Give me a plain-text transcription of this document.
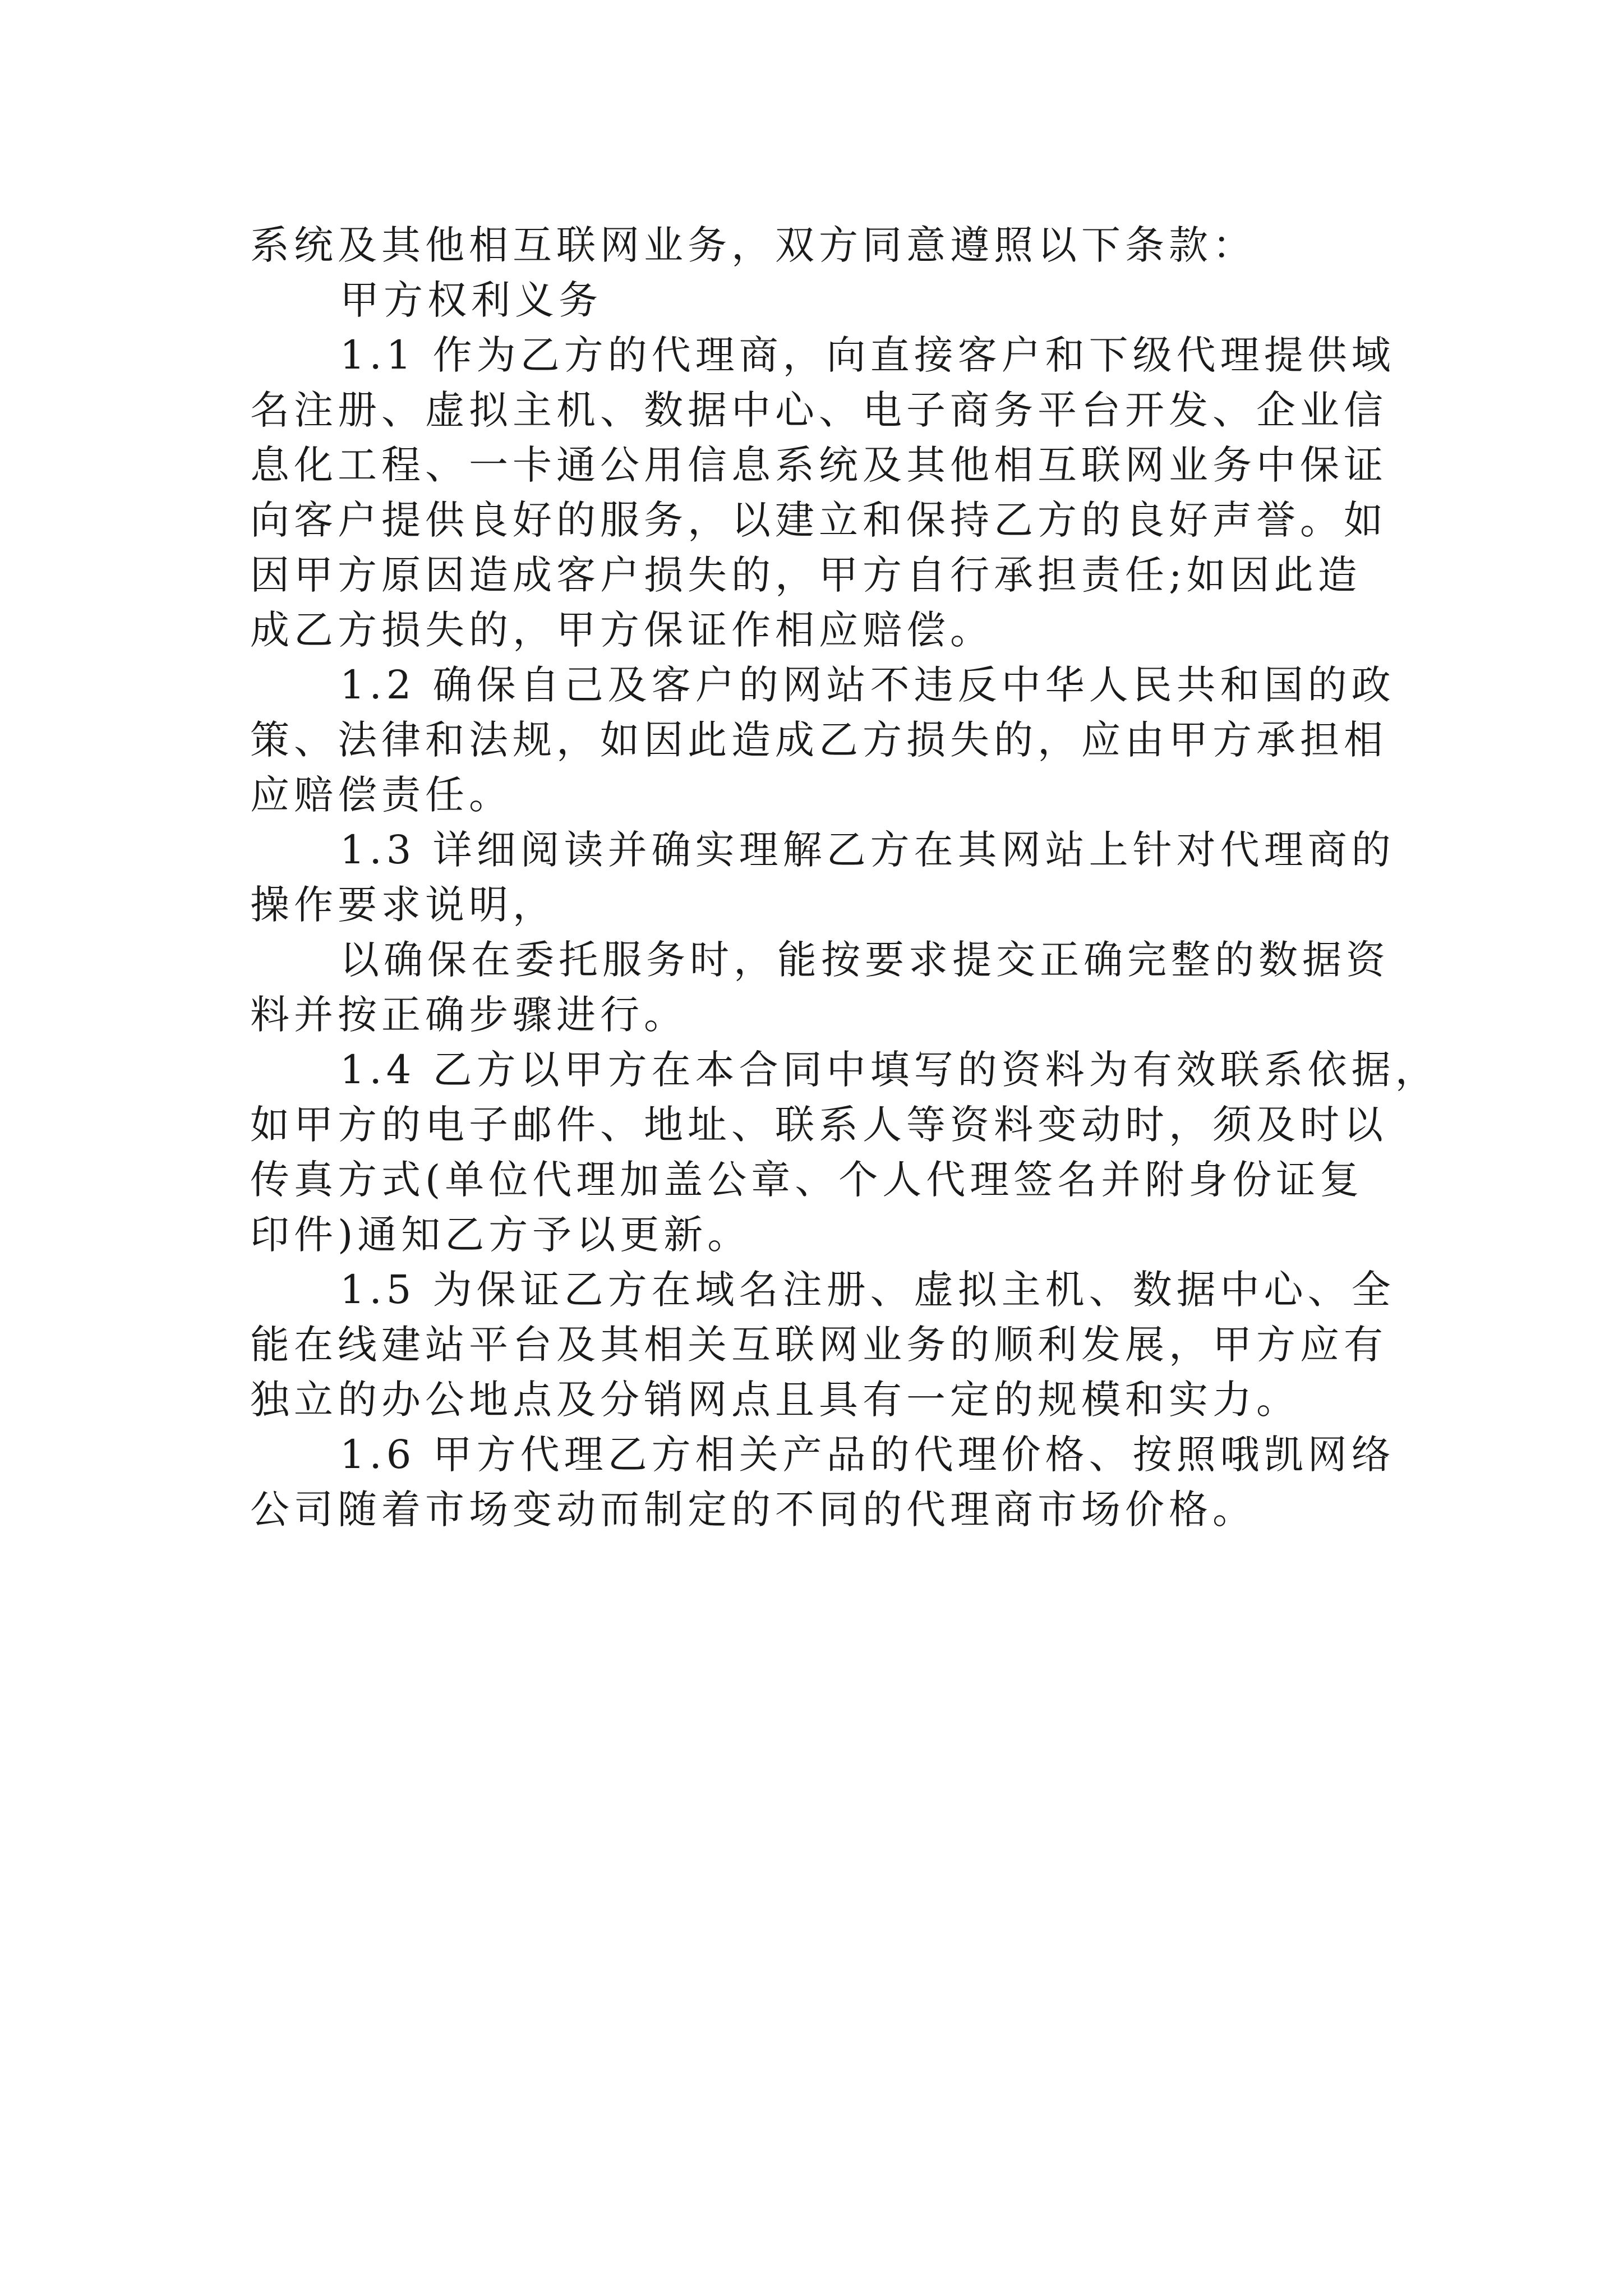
系统及其他相互联网业务，双方同意遵照以下条款：
甲方权利义务
1.1 作为乙方的代理商，向直接客户和下级代理提供域
名注册、虚拟主机、数据中心、电子商务平台开发、企业信
息化工程、一卡通公用信息系统及其他相互联网业务中保证
向客户提供良好的服务，以建立和保持乙方的良好声誉。如
因甲方原因造成客户损失的，甲方自行承担责任;如因此造
成乙方损失的，甲方保证作相应赔偿。
1.2 确保自己及客户的网站不违反中华人民共和国的政
策、法律和法规，如因此造成乙方损失的，应由甲方承担相
应赔偿责任。
1.3 详细阅读并确实理解乙方在其网站上针对代理商的
操作要求说明，
以确保在委托服务时，能按要求提交正确完整的数据资
料并按正确步骤进行。
1.4 乙方以甲方在本合同中填写的资料为有效联系依据，
如甲方的电子邮件、地址、联系人等资料变动时，须及时以
传真方式(单位代理加盖公章、个人代理签名并附身份证复
印件)通知乙方予以更新。
1.5 为保证乙方在域名注册、虚拟主机、数据中心、全
能在线建站平台及其相关互联网业务的顺利发展，甲方应有
独立的办公地点及分销网点且具有一定的规模和实力。
1.6 甲方代理乙方相关产品的代理价格、按照哦凯网络
公司随着市场变动而制定的不同的代理商市场价格。
